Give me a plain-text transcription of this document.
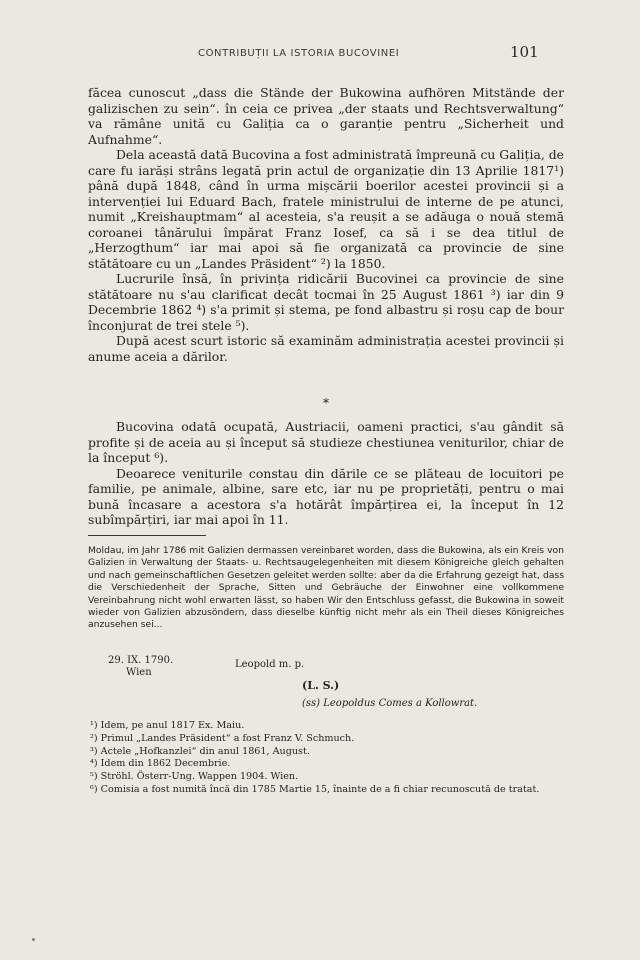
CONTRIBUȚII LA ISTORIA BUCOVINEI	101

făcea cunoscut „dass die Stände der Bukowina aufhören Mitstände der galizischen zu sein“. în ceia ce privea „der staats und Rechtsverwaltung“ va rămâne unită cu Galiția ca o garanție pentru „Sicherheit und Aufnahme“.

Dela această dată Bucovina a fost administrată împreună cu Galiția, de care fu iarăși strâns legată prin actul de organizație din 13 Aprilie 1817¹) până după 1848, când în urma mișcării boerilor acestei provincii și a intervenției lui Eduard Bach, fratele ministrului de interne de pe atunci, numit „Kreishauptmam“ al acesteia, s'a reușit a se adăuga o nouă stemă coroanei tânărului împărat Franz Iosef, ca să i se dea titlul de „Herzogthum“ iar mai apoi să fie organizată ca provincie de sine stătătoare cu un „Landes Präsident“ ²) la 1850.

Lucrurile însă, în privința ridicării Bucovinei ca provincie de sine stătătoare nu s'au clarificat decât tocmai în 25 August 1861 ³) iar din 9 Decembrie 1862 ⁴) s'a primit și stema, pe fond albastru și roșu cap de bour înconjurat de trei stele ⁵).

După acest scurt istoric să examinăm administrația acestei provincii și anume aceia a dărilor.

*

Bucovina odată ocupată, Austriacii, oameni practici, s'au gândit să profite și de aceia au și început să studieze chestiunea veniturilor, chiar de la început ⁶).

Deoarece veniturile constau din dările ce se plăteau de locuitori pe familie, pe animale, albine, sare etc, iar nu pe proprietăți, pentru o mai bună încasare a acestora s'a hotărât împărțirea ei, la început în 12 subîmpărțiri, iar mai apoi în 11.

Moldau, im Jahr 1786 mit Galizien dermassen vereinbaret worden, dass die Bukowina, als ein Kreis von Galizien in Verwaltung der Staats- u. Rechtsaugelegenheiten mit diesem Königreiche gleich gehalten und nach gemeinschaftlichen Gesetzen geleitet werden sollte: aber da die Erfahrung gezeigt hat, dass die Verschiedenheit der Sprache, Sitten und Gebräuche der Einwohner eine vollkommene Vereinbahrung nicht wohl erwarten lässt, so haben Wir den Entschluss gefasst, die Bukowina in soweit wieder von Galizien abzusöndern, dass dieselbe künftig nicht mehr als ein Theil dieses Königreiches anzusehen sei...

29. IX. 1790.
Wien
Leopold m. p.
(L. S.)
(ss) Leopoldus Comes a Kollowrat.
¹) Idem, pe anul 1817 Ex. Maiu.
²) Primul „Landes Präsident“ a fost Franz V. Schmuch.
³) Actele „Hofkanzlei“ din anul 1861, August.
⁴) Idem din 1862 Decembrie.
⁵) Ströhl. Österr-Ung. Wappen 1904. Wien.
⁶) Comisia a fost numită încă din 1785 Martie 15, înainte de a fi chiar recunoscută de tratat.
